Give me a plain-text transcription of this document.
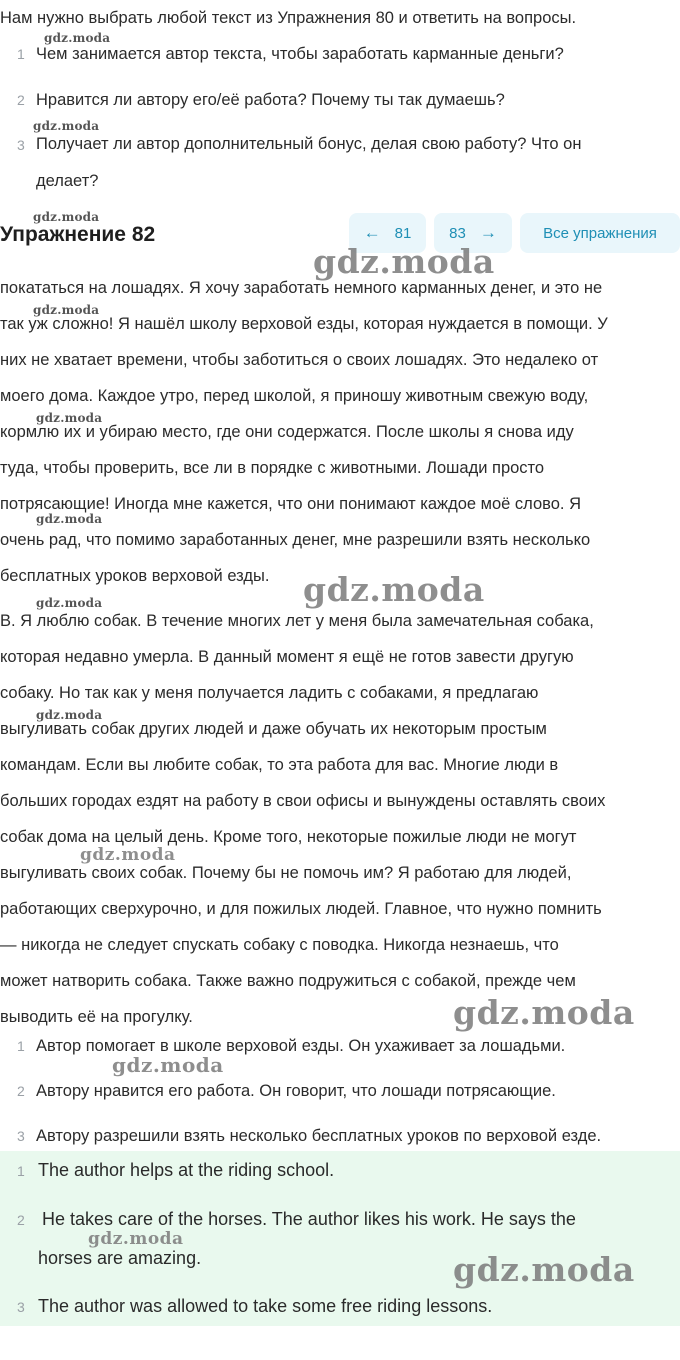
Нам нужно выбрать любой текст из Упражнения 80 и ответить на вопросы.
1 Чем занимается автор текста, чтобы заработать карманные деньги?
2 Нравится ли автору его/её работа? Почему ты так думаешь?
3 Получает ли автор дополнительный бонус, делая свою работу? Что он
делает?
Упражнение 82	← 81	83 →	Все упражнения
покататься на лошадях. Я хочу заработать немного карманных денег, и это не
так уж сложно! Я нашёл школу верховой езды, которая нуждается в помощи. У
них не хватает времени, чтобы заботиться о своих лошадях. Это недалеко от
моего дома. Каждое утро, перед школой, я приношу животным свежую воду,
кормлю их и убираю место, где они содержатся. После школы я снова иду
туда, чтобы проверить, все ли в порядке с животными. Лошади просто
потрясающие! Иногда мне кажется, что они понимают каждое моё слово. Я
очень рад, что помимо заработанных денег, мне разрешили взять несколько
бесплатных уроков верховой езды.
В. Я люблю собак. В течение многих лет у меня была замечательная собака,
которая недавно умерла. В данный момент я ещё не готов завести другую
собаку. Но так как у меня получается ладить с собаками, я предлагаю
выгуливать собак других людей и даже обучать их некоторым простым
командам. Если вы любите собак, то эта работа для вас. Многие люди в
больших городах ездят на работу в свои офисы и вынуждены оставлять своих
собак дома на целый день. Кроме того, некоторые пожилые люди не могут
выгуливать своих собак. Почему бы не помочь им? Я работаю для людей,
работающих сверхурочно, и для пожилых людей. Главное, что нужно помнить
— никогда не следует спускать собаку с поводка. Никогда незнаешь, что
может натворить собака. Также важно подружиться с собакой, прежде чем
выводить её на прогулку.
1 Автор помогает в школе верховой езды. Он ухаживает за лошадьми.
2 Автору нравится его работа. Он говорит, что лошади потрясающие.
3 Автору разрешили взять несколько бесплатных уроков по верховой езде.
1 The author helps at the riding school.
2 He takes care of the horses. The author likes his work. He says the
horses are amazing.
3 The author was allowed to take some free riding lessons.
gdz.moda
gdz.moda
gdz.moda
gdz.moda
gdz.moda
gdz.moda
gdz.moda
gdz.moda
gdz.moda
gdz.moda
gdz.moda
gdz.moda
gdz.moda
gdz.moda
gdz.moda
